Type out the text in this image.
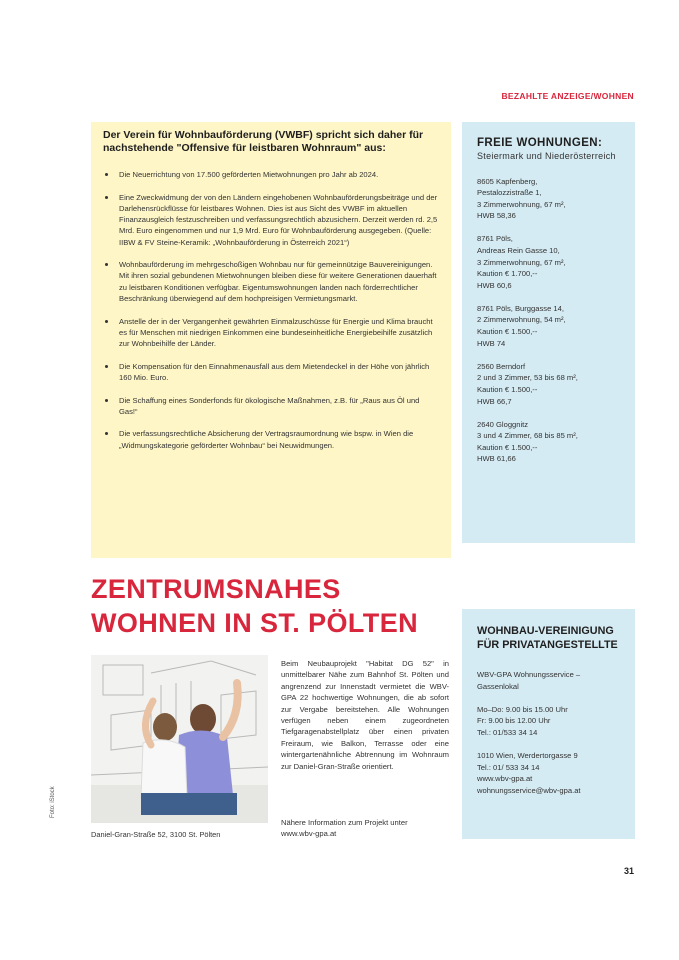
BEZAHLTE ANZEIGE/WOHNEN

Der Verein für Wohnbauförderung (VWBF) spricht sich daher für nachstehende "Offensive für leistbaren Wohnraum" aus:

Die Neuerrichtung von 17.500 geförderten Mietwohnungen pro Jahr ab 2024.
Eine Zweckwidmung der von den Ländern eingehobenen Wohnbauförderungsbeiträge und der Darlehensrückflüsse für leistbares Wohnen. Dies ist aus Sicht des VWBF im aktuellen Finanzausgleich festzuschreiben und verfassungsrechtlich abzusichern. Derzeit werden rd. 2,5 Mrd. Euro eingenommen und nur 1,9 Mrd. Euro für Wohnbauförderung ausgegeben. (Quelle: IIBW & FV Steine-Keramik: „Wohnbauförderung in Österreich 2021“)
Wohnbauförderung im mehrgeschoßigen Wohnbau nur für gemeinnützige Bauvereinigungen. Mit ihren sozial gebundenen Mietwohnungen bleiben diese für weitere Generationen dauerhaft zu leistbaren Konditionen verfügbar. Eigentumswohnungen landen nach förderrechtlicher Beschränkung überwiegend auf dem hochpreisigen Vermietungsmarkt.
Anstelle der in der Vergangenheit gewährten Einmalzuschüsse für Energie und Klima braucht es für Menschen mit niedrigen Einkommen eine bundeseinheitliche Energiebeihilfe zusätzlich zur Wohnbeihilfe der Länder.
Die Kompensation für den Einnahmenausfall aus dem Mietendeckel in der Höhe von jährlich 160 Mio. Euro.
Die Schaffung eines Sonderfonds für ökologische Maßnahmen, z.B. für „Raus aus Öl und Gas!“
Die verfassungsrechtliche Absicherung der Vertragsraumordnung wie bspw. in Wien die „Widmungskategorie geförderter Wohnbau“ bei Neuwidmungen.
FREIE WOHNUNGEN:
Steiermark und Niederösterreich
8605 Kapfenberg,
Pestalozzistraße 1,
3 Zimmerwohnung, 67 m²,
HWB 58,36
8761 Pöls,
Andreas Rein Gasse 10,
3 Zimmerwohnung, 67 m²,
Kaution € 1.700,--
HWB 60,6
8761 Pöls, Burggasse 14,
2 Zimmerwohnung, 54 m²,
Kaution € 1.500,--
HWB 74
2560 Berndorf
2 und 3 Zimmer, 53 bis 68 m²,
Kaution € 1.500,--
HWB 66,7
2640 Gloggnitz
3 und 4 Zimmer, 68 bis 85 m²,
Kaution € 1.500,--
HWB 61,66
ZENTRUMSNAHES
WOHNEN IN ST. PÖLTEN
Daniel-Gran-Straße 52, 3100 St. Pölten
Foto: iStock

Beim Neubauprojekt "Habitat DG 52" in unmittelbarer Nähe zum Bahnhof St. Pölten und angrenzend zur Innenstadt vermietet die WBV-GPA 22 hochwertige Wohnungen, die ab sofort zur Vergabe bereitstehen. Alle Wohnungen verfügen neben einem zugeordneten Tiefgaragenabstellplatz über einen privaten Freiraum, wie Balkon, Terrasse oder eine wintergartenähnliche Abtrennung im Wohnraum zur Daniel-Gran-Straße orientiert.

Nähere Information zum Projekt unter
www.wbv-gpa.at
WOHNBAU-VEREINIGUNG FÜR PRIVATANGESTELLTE
WBV-GPA Wohnungsservice –
Gassenlokal
Mo–Do: 9.00 bis 15.00 Uhr
Fr: 9.00 bis 12.00 Uhr
Tel.: 01/533 34 14
1010 Wien, Werdertorgasse 9
Tel.: 01/ 533 34 14
www.wbv-gpa.at
wohnungsservice@wbv-gpa.at
31
